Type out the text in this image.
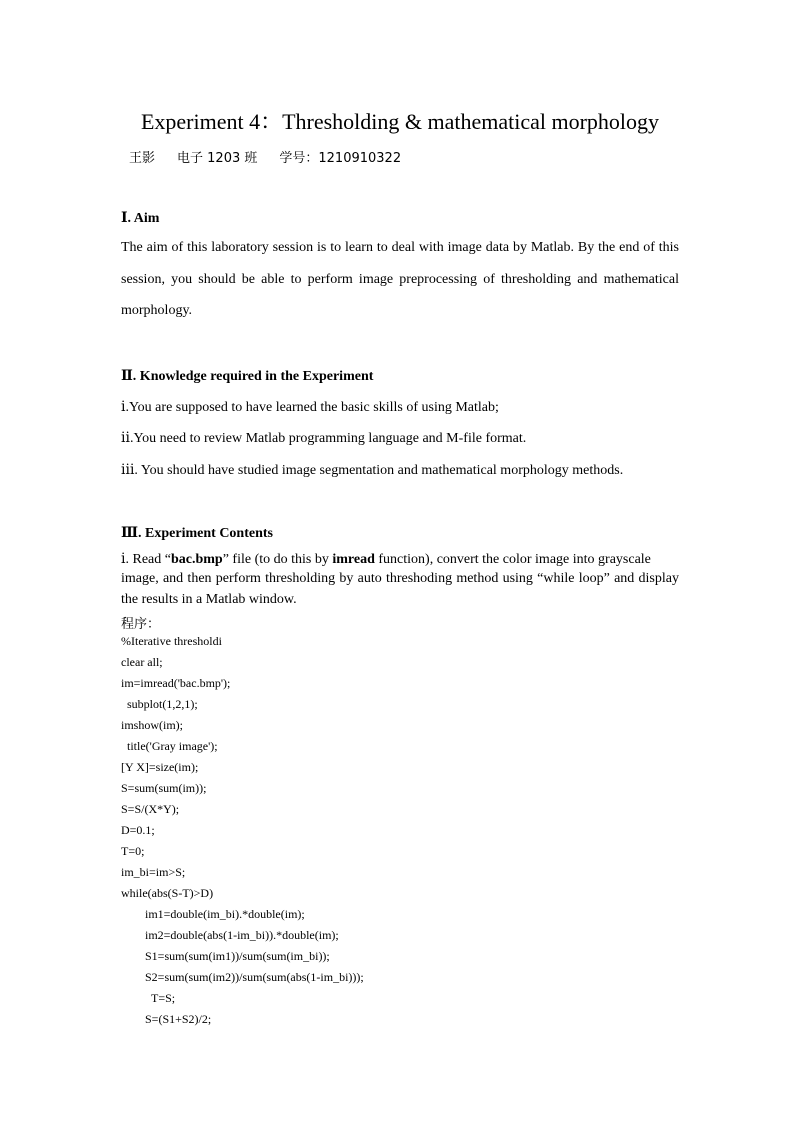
Experiment 4：Thresholding & mathematical morphology
王影 电子 1203 班 学号：1210910322
Ⅰ. Aim
The aim of this laboratory session is to learn to deal with image data by Matlab. By the end of this
session, you should be able to perform image preprocessing of thresholding and mathematical
morphology.
Ⅱ. Knowledge required in the Experiment
ⅰ.You are supposed to have learned the basic skills of using Matlab;
ⅱ.You need to review Matlab programming language and M-file format.
ⅲ. You should have studied image segmentation and mathematical morphology methods.
Ⅲ. Experiment Contents
ⅰ. Read “bac.bmp” file (to do this by imread function), convert the color image into grayscale
image, and then perform thresholding by auto threshoding method using “while loop” and display
the results in a Matlab window.
程序：
%Iterative thresholdi
clear all;
im=imread('bac.bmp');
subplot(1,2,1);
imshow(im);
title('Gray image');
[Y X]=size(im);
S=sum(sum(im));
S=S/(X*Y);
D=0.1;
T=0;
im_bi=im>S;
while(abs(S-T)>D)
im1=double(im_bi).*double(im);
im2=double(abs(1-im_bi)).*double(im);
S1=sum(sum(im1))/sum(sum(im_bi));
S2=sum(sum(im2))/sum(sum(abs(1-im_bi)));
T=S;
S=(S1+S2)/2;
